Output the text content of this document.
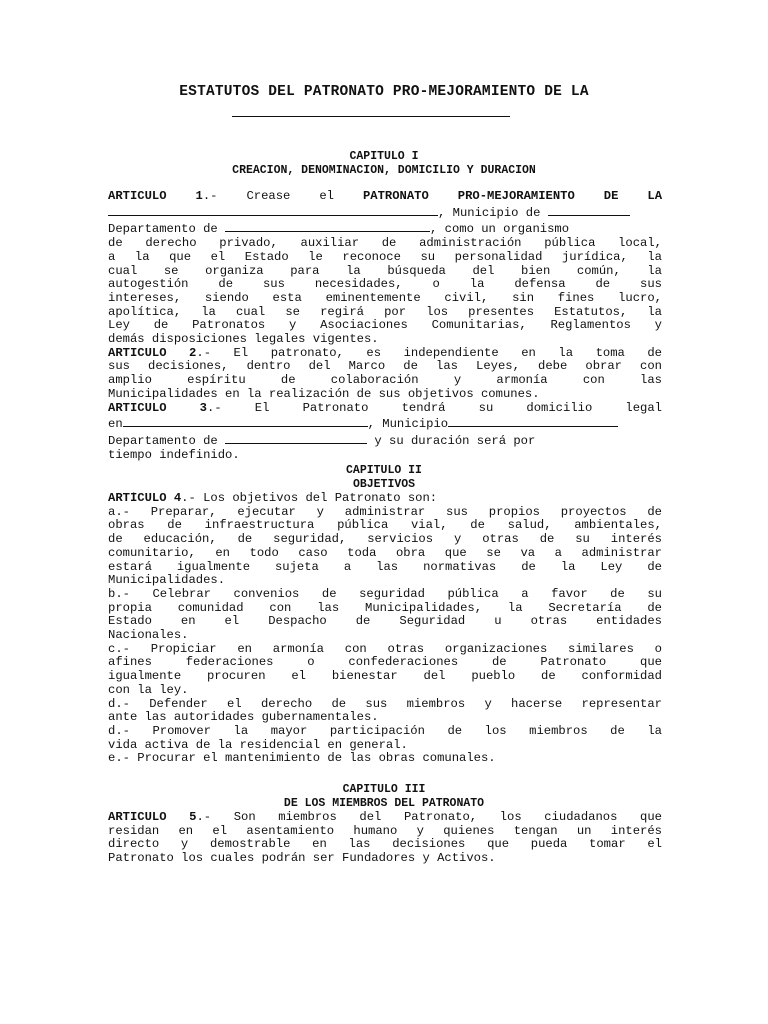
ESTATUTOS DEL PATRONATO PRO-MEJORAMIENTO DE LA
CAPITULO I
CREACION, DENOMINACION, DOMICILIO Y DURACION
ARTICULO 1.- Crease el PATRONATO PRO-MEJORAMIENTO DE LA
, Municipio de
Departamento de	, como un organismo
de derecho privado, auxiliar de administración pública local,
a la que el Estado le reconoce su personalidad jurídica, la
cual se organiza para la búsqueda del bien común, la
autogestión de sus necesidades, o la defensa de sus
intereses, siendo esta eminentemente civil, sin fines lucro,
apolítica, la cual se regirá por los presentes Estatutos, la
Ley de Patronatos y Asociaciones Comunitarias, Reglamentos y
demás disposiciones legales vigentes.
ARTICULO 2.- El patronato, es independiente en la toma de
sus decisiones, dentro del Marco de las Leyes, debe obrar con
amplio espíritu de colaboración y armonía con las
Municipalidades en la realización de sus objetivos comunes.
ARTICULO 3.- El Patronato tendrá su domicilio legal
en	, Municipio
Departamento de	y su duración será por
tiempo indefinido.
CAPITULO II
OBJETIVOS
ARTÍCULO 4.- Los objetivos del Patronato son:
a.- Preparar, ejecutar y administrar sus propios proyectos de
obras de infraestructura pública vial, de salud, ambientales,
de educación, de seguridad, servicios y otras de su interés
comunitario, en todo caso toda obra que se va a administrar
estará igualmente sujeta a las normativas de la Ley de
Municipalidades.
b.- Celebrar convenios de seguridad pública a favor de su
propia comunidad con las Municipalidades, la Secretaría de
Estado en el Despacho de Seguridad u otras entidades
Nacionales.
c.- Propiciar en armonía con otras organizaciones similares o
afines federaciones o confederaciones de Patronato que
igualmente procuren el bienestar del pueblo de conformidad
con la ley.
d.- Defender el derecho de sus miembros y hacerse representar
ante las autoridades gubernamentales.
d.- Promover la mayor participación de los miembros de la
vida activa de la residencial en general.
e.- Procurar el mantenimiento de las obras comunales.
CAPITULO III
DE LOS MIEMBROS DEL PATRONATO
ARTICULO 5.- Son miembros del Patronato, los ciudadanos que
residan en el asentamiento humano y quienes tengan un interés
directo y demostrable en las decisiones que pueda tomar el
Patronato los cuales podrán ser Fundadores y Activos.
